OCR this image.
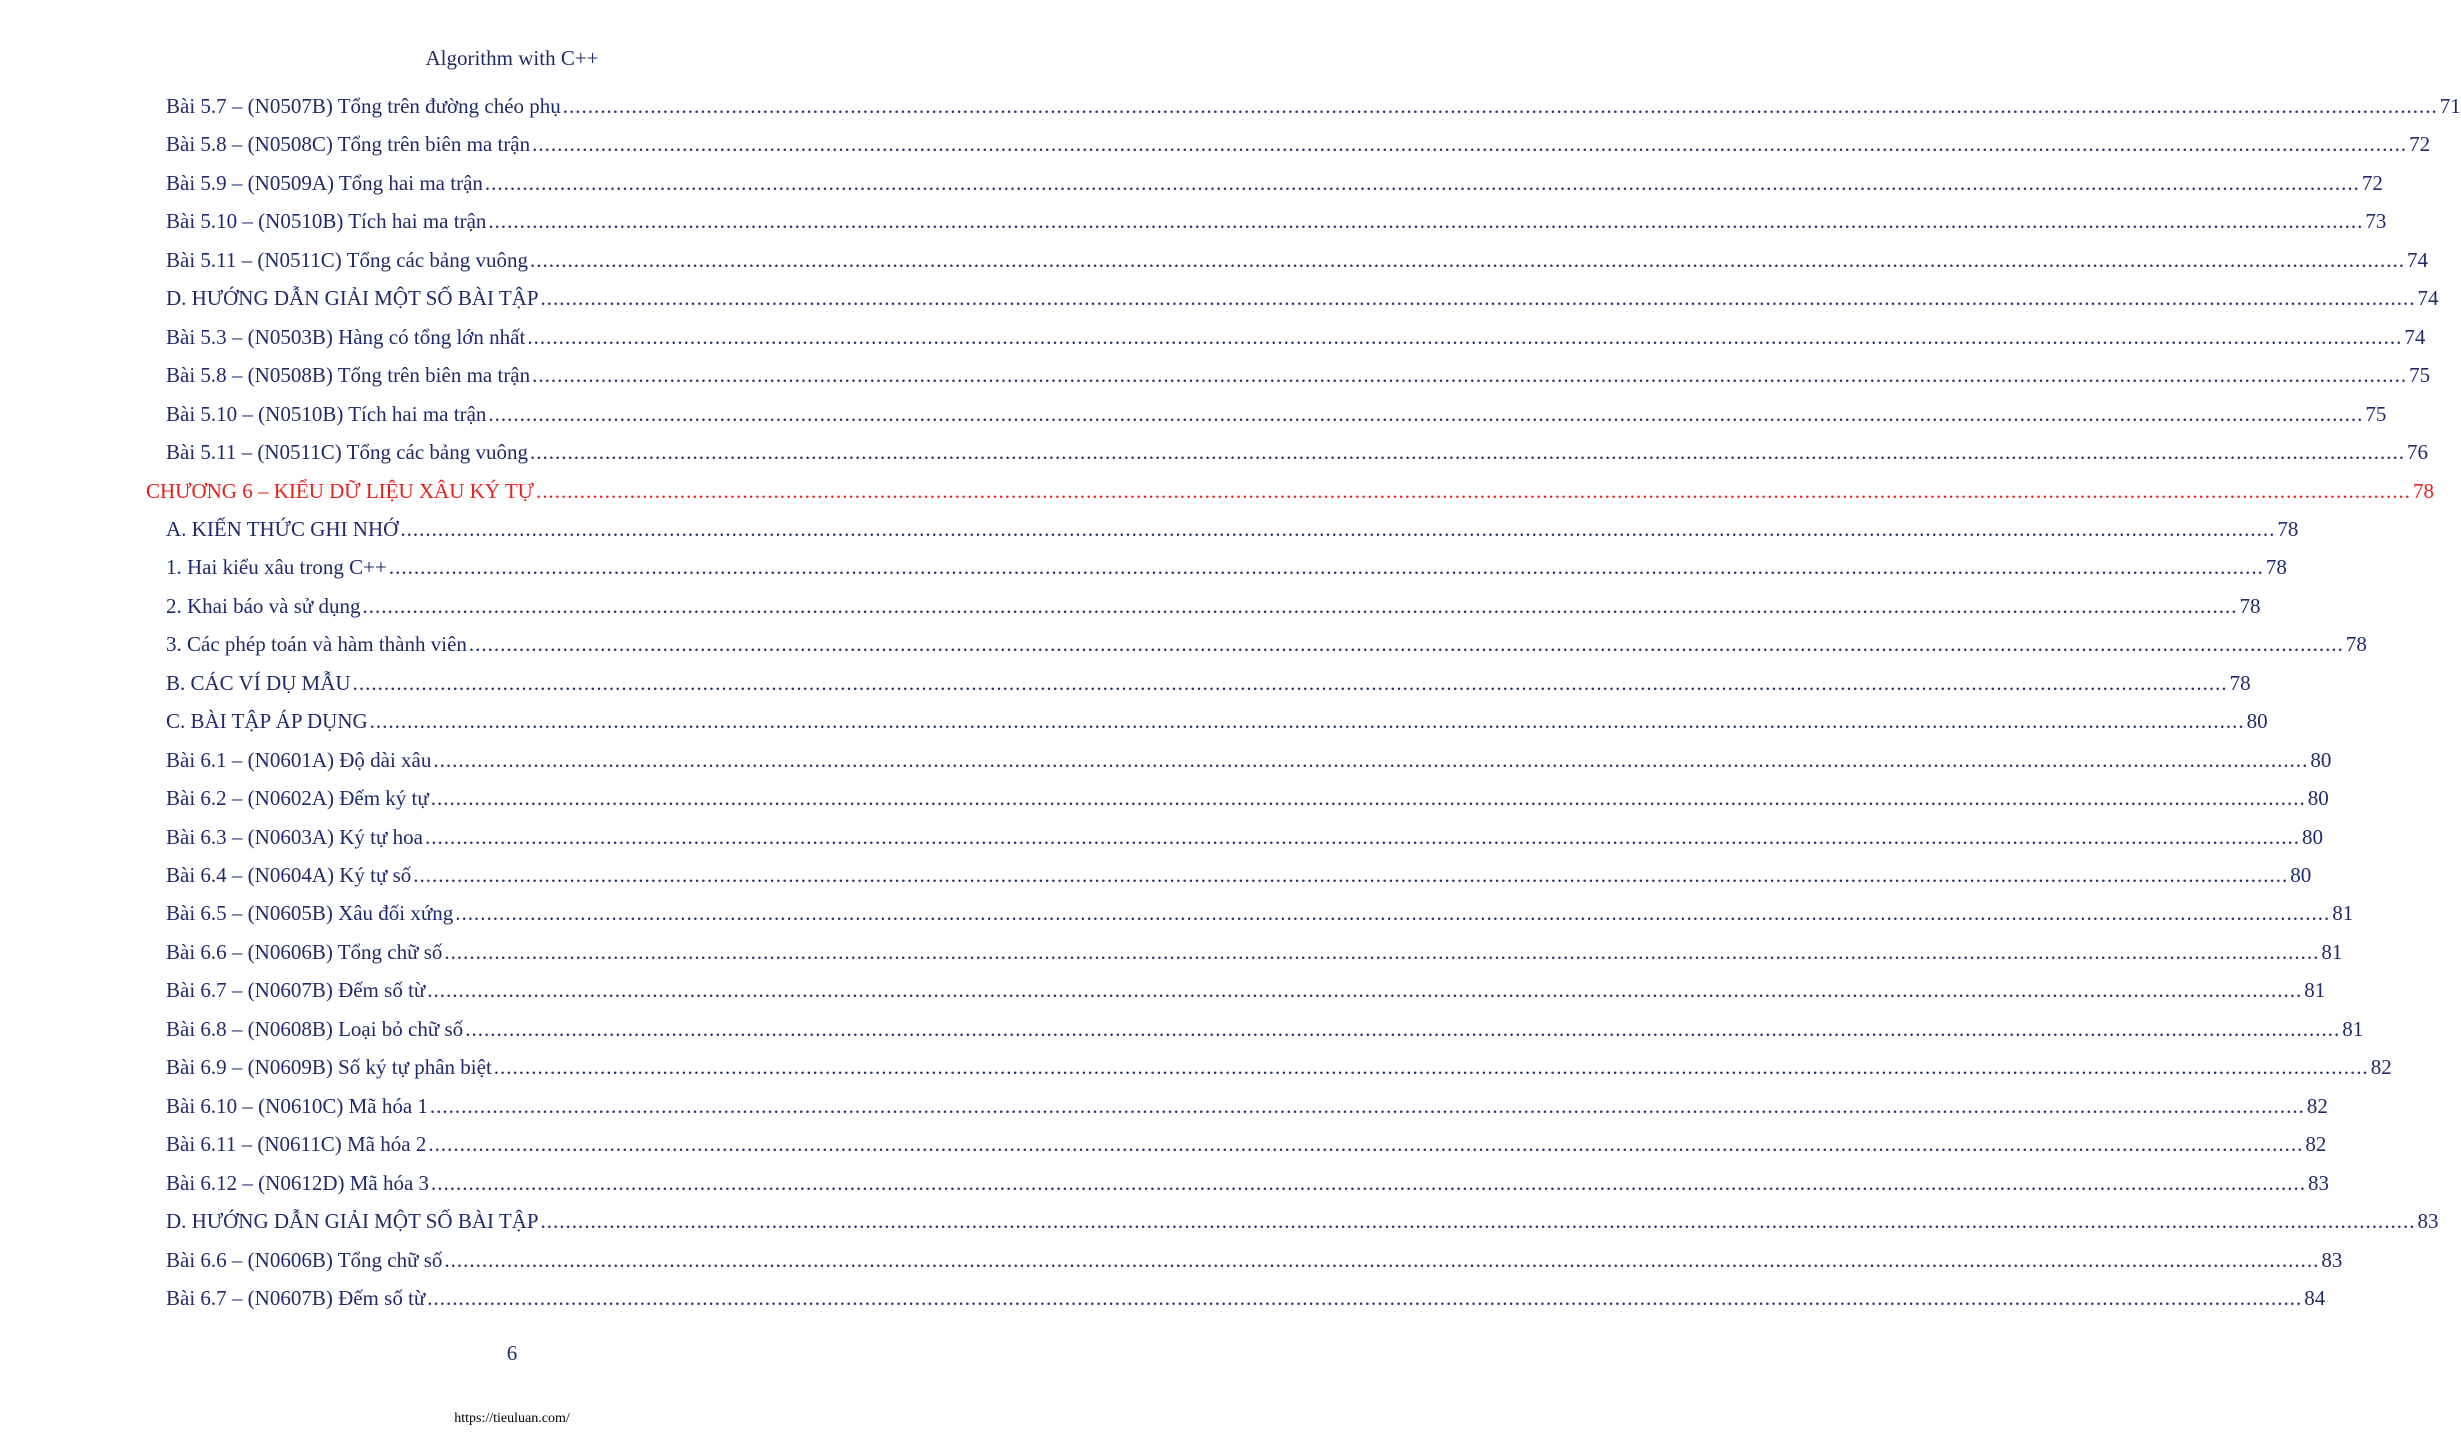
Algorithm with C++
Bài 5.7 – (N0507B) Tổng trên đường chéo phụ ............................................................................................................................................................................................................................................................................................................ 71
Bài 5.8 – (N0508C) Tổng trên biên ma trận ............................................................................................................................................................................................................................................................................................................ 72
Bài 5.9 – (N0509A) Tổng hai ma trận ............................................................................................................................................................................................................................................................................................................ 72
Bài 5.10 – (N0510B) Tích hai ma trận ............................................................................................................................................................................................................................................................................................................ 73
Bài 5.11 – (N0511C) Tổng các bảng vuông ............................................................................................................................................................................................................................................................................................................ 74
D. HƯỚNG DẪN GIẢI MỘT SỐ BÀI TẬP ............................................................................................................................................................................................................................................................................................................ 74
Bài 5.3 – (N0503B) Hàng có tổng lớn nhất ............................................................................................................................................................................................................................................................................................................ 74
Bài 5.8 – (N0508B) Tổng trên biên ma trận ............................................................................................................................................................................................................................................................................................................ 75
Bài 5.10 – (N0510B) Tích hai ma trận ............................................................................................................................................................................................................................................................................................................ 75
Bài 5.11 – (N0511C) Tổng các bảng vuông ............................................................................................................................................................................................................................................................................................................ 76
CHƯƠNG 6 – KIỂU DỮ LIỆU XÂU KÝ TỰ ............................................................................................................................................................................................................................................................................................................ 78
A. KIẾN THỨC GHI NHỚ ............................................................................................................................................................................................................................................................................................................ 78
1. Hai kiểu xâu trong C++ ............................................................................................................................................................................................................................................................................................................ 78
2. Khai báo và sử dụng ............................................................................................................................................................................................................................................................................................................ 78
3. Các phép toán và hàm thành viên ............................................................................................................................................................................................................................................................................................................ 78
B. CÁC VÍ DỤ MẪU ............................................................................................................................................................................................................................................................................................................ 78
C. BÀI TẬP ÁP DỤNG ............................................................................................................................................................................................................................................................................................................ 80
Bài 6.1 – (N0601A) Độ dài xâu ............................................................................................................................................................................................................................................................................................................ 80
Bài 6.2 – (N0602A) Đếm ký tự ............................................................................................................................................................................................................................................................................................................ 80
Bài 6.3 – (N0603A) Ký tự hoa ............................................................................................................................................................................................................................................................................................................ 80
Bài 6.4 – (N0604A) Ký tự số ............................................................................................................................................................................................................................................................................................................ 80
Bài 6.5 – (N0605B) Xâu đối xứng ............................................................................................................................................................................................................................................................................................................ 81
Bài 6.6 – (N0606B) Tổng chữ số ............................................................................................................................................................................................................................................................................................................ 81
Bài 6.7 – (N0607B) Đếm số từ ............................................................................................................................................................................................................................................................................................................ 81
Bài 6.8 – (N0608B) Loại bỏ chữ số ............................................................................................................................................................................................................................................................................................................ 81
Bài 6.9 – (N0609B) Số ký tự phân biệt ............................................................................................................................................................................................................................................................................................................ 82
Bài 6.10 – (N0610C) Mã hóa 1 ............................................................................................................................................................................................................................................................................................................ 82
Bài 6.11 – (N0611C) Mã hóa 2 ............................................................................................................................................................................................................................................................................................................ 82
Bài 6.12 – (N0612D) Mã hóa 3 ............................................................................................................................................................................................................................................................................................................ 83
D. HƯỚNG DẪN GIẢI MỘT SỐ BÀI TẬP ............................................................................................................................................................................................................................................................................................................ 83
Bài 6.6 – (N0606B) Tổng chữ số ............................................................................................................................................................................................................................................................................................................ 83
Bài 6.7 – (N0607B) Đếm số từ ............................................................................................................................................................................................................................................................................................................ 84
6
https://tieuluan.com/
